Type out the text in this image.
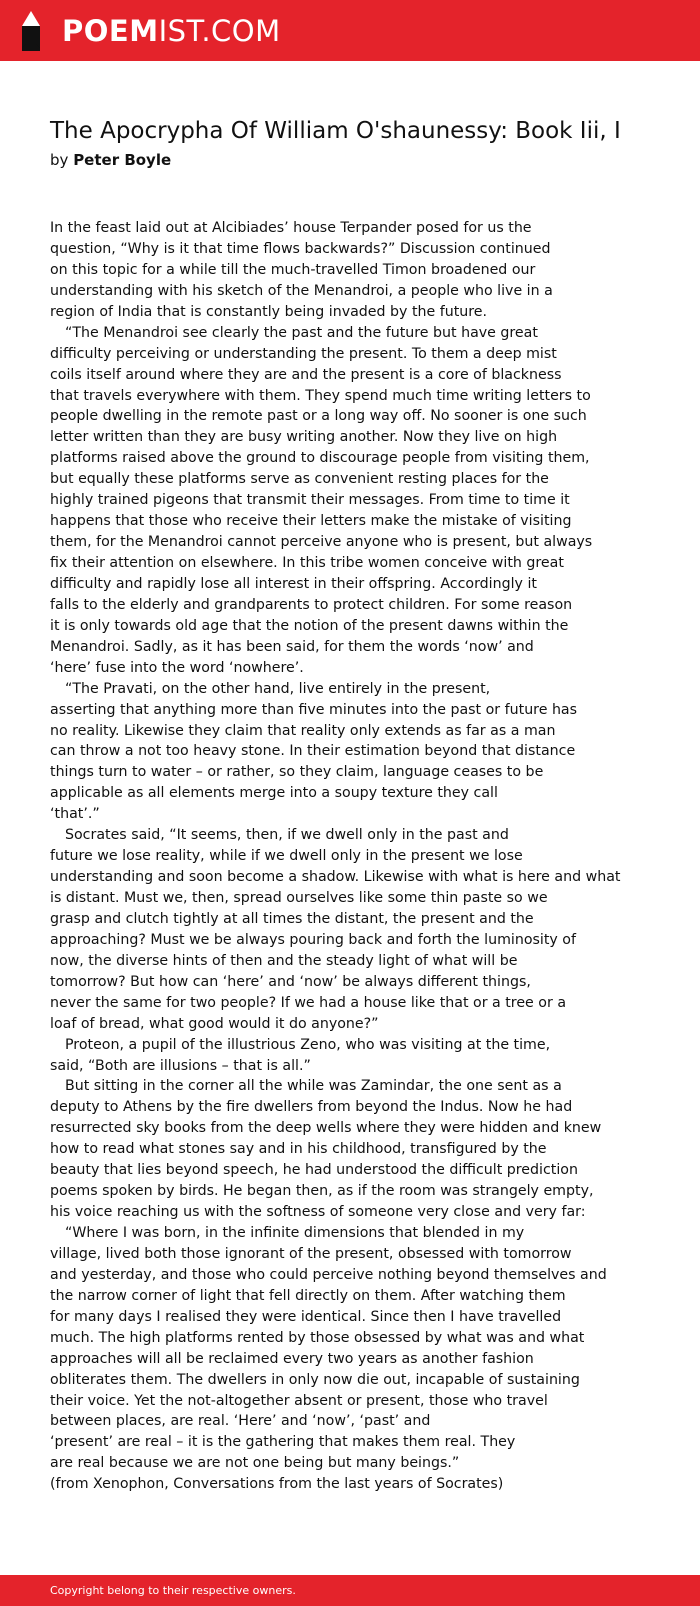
POEMIST.COM
The Apocrypha Of William O'shaunessy: Book Iii, I
by Peter Boyle
In the feast laid out at Alcibiades’ house Terpander posed for us the
question, “Why is it that time flows backwards?” Discussion continued
on this topic for a while till the much-travelled Timon broadened our
understanding with his sketch of the Menandroi, a people who live in a
region of India that is constantly being invaded by the future.
“The Menandroi see clearly the past and the future but have great
difficulty perceiving or understanding the present. To them a deep mist
coils itself around where they are and the present is a core of blackness
that travels everywhere with them. They spend much time writing letters to
people dwelling in the remote past or a long way off. No sooner is one such
letter written than they are busy writing another. Now they live on high
platforms raised above the ground to discourage people from visiting them,
but equally these platforms serve as convenient resting places for the
highly trained pigeons that transmit their messages. From time to time it
happens that those who receive their letters make the mistake of visiting
them, for the Menandroi cannot perceive anyone who is present, but always
fix their attention on elsewhere. In this tribe women conceive with great
difficulty and rapidly lose all interest in their offspring. Accordingly it
falls to the elderly and grandparents to protect children. For some reason
it is only towards old age that the notion of the present dawns within the
Menandroi. Sadly, as it has been said, for them the words ‘now’ and
‘here’ fuse into the word ‘nowhere’.
“The Pravati, on the other hand, live entirely in the present,
asserting that anything more than five minutes into the past or future has
no reality. Likewise they claim that reality only extends as far as a man
can throw a not too heavy stone. In their estimation beyond that distance
things turn to water – or rather, so they claim, language ceases to be
applicable as all elements merge into a soupy texture they call
‘that’.”
Socrates said, “It seems, then, if we dwell only in the past and
future we lose reality, while if we dwell only in the present we lose
understanding and soon become a shadow. Likewise with what is here and what
is distant. Must we, then, spread ourselves like some thin paste so we
grasp and clutch tightly at all times the distant, the present and the
approaching? Must we be always pouring back and forth the luminosity of
now, the diverse hints of then and the steady light of what will be
tomorrow? But how can ‘here’ and ‘now’ be always different things,
never the same for two people? If we had a house like that or a tree or a
loaf of bread, what good would it do anyone?”
Proteon, a pupil of the illustrious Zeno, who was visiting at the time,
said, “Both are illusions – that is all.”
But sitting in the corner all the while was Zamindar, the one sent as a
deputy to Athens by the fire dwellers from beyond the Indus. Now he had
resurrected sky books from the deep wells where they were hidden and knew
how to read what stones say and in his childhood, transfigured by the
beauty that lies beyond speech, he had understood the difficult prediction
poems spoken by birds. He began then, as if the room was strangely empty,
his voice reaching us with the softness of someone very close and very far:
“Where I was born, in the infinite dimensions that blended in my
village, lived both those ignorant of the present, obsessed with tomorrow
and yesterday, and those who could perceive nothing beyond themselves and
the narrow corner of light that fell directly on them. After watching them
for many days I realised they were identical. Since then I have travelled
much. The high platforms rented by those obsessed by what was and what
approaches will all be reclaimed every two years as another fashion
obliterates them. The dwellers in only now die out, incapable of sustaining
their voice. Yet the not-altogether absent or present, those who travel
between places, are real. ‘Here’ and ‘now’, ‘past’ and
‘present’ are real – it is the gathering that makes them real. They
are real because we are not one being but many beings.”
(from Xenophon, Conversations from the last years of Socrates)
Copyright belong to their respective owners.
